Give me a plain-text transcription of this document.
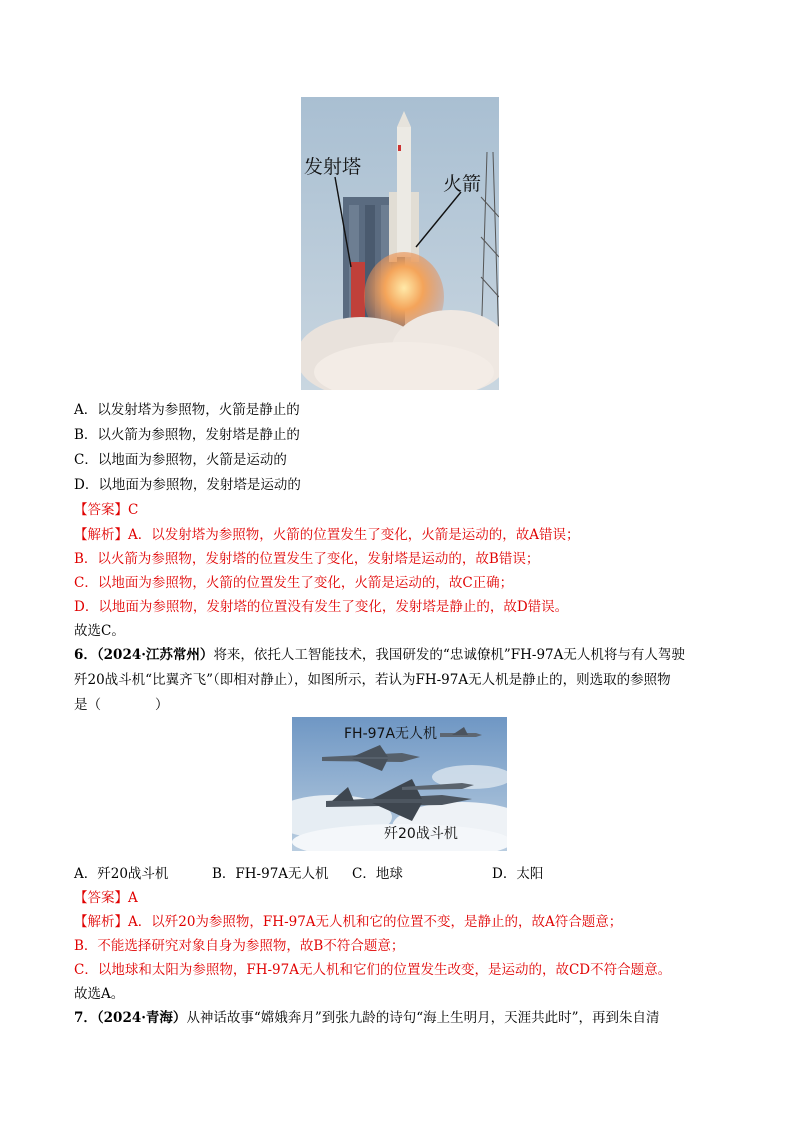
发射塔
火箭
A．以发射塔为参照物，火箭是静止的
B．以火箭为参照物，发射塔是静止的
C．以地面为参照物，火箭是运动的
D．以地面为参照物，发射塔是运动的
【答案】C
【解析】A．以发射塔为参照物，火箭的位置发生了变化，火箭是运动的，故A错误；
B．以火箭为参照物，发射塔的位置发生了变化，发射塔是运动的，故B错误；
C．以地面为参照物，火箭的位置发生了变化，火箭是运动的，故C正确；
D．以地面为参照物，发射塔的位置没有发生了变化，发射塔是静止的，故D错误。
故选C。
6．（2024·江苏常州）将来，依托人工智能技术，我国研发的“忠诚僚机”FH-97A无人机将与有人驾驶
歼20战斗机“比翼齐飞”（即相对静止），如图所示，若认为FH-97A无人机是静止的，则选取的参照物
是（　　　　）
FH-97A无人机
歼20战斗机
A．歼20战斗机	B．FH-97A无人机 C．地球	D．太阳
【答案】A
【解析】A．以歼20为参照物，FH-97A无人机和它的位置不变，是静止的，故A符合题意；
B．不能选择研究对象自身为参照物，故B不符合题意；
C．以地球和太阳为参照物，FH-97A无人机和它们的位置发生改变，是运动的，故CD不符合题意。
故选A。
7．（2024·青海）从神话故事“嫦娥奔月”到张九龄的诗句“海上生明月，天涯共此时”，再到朱自清
